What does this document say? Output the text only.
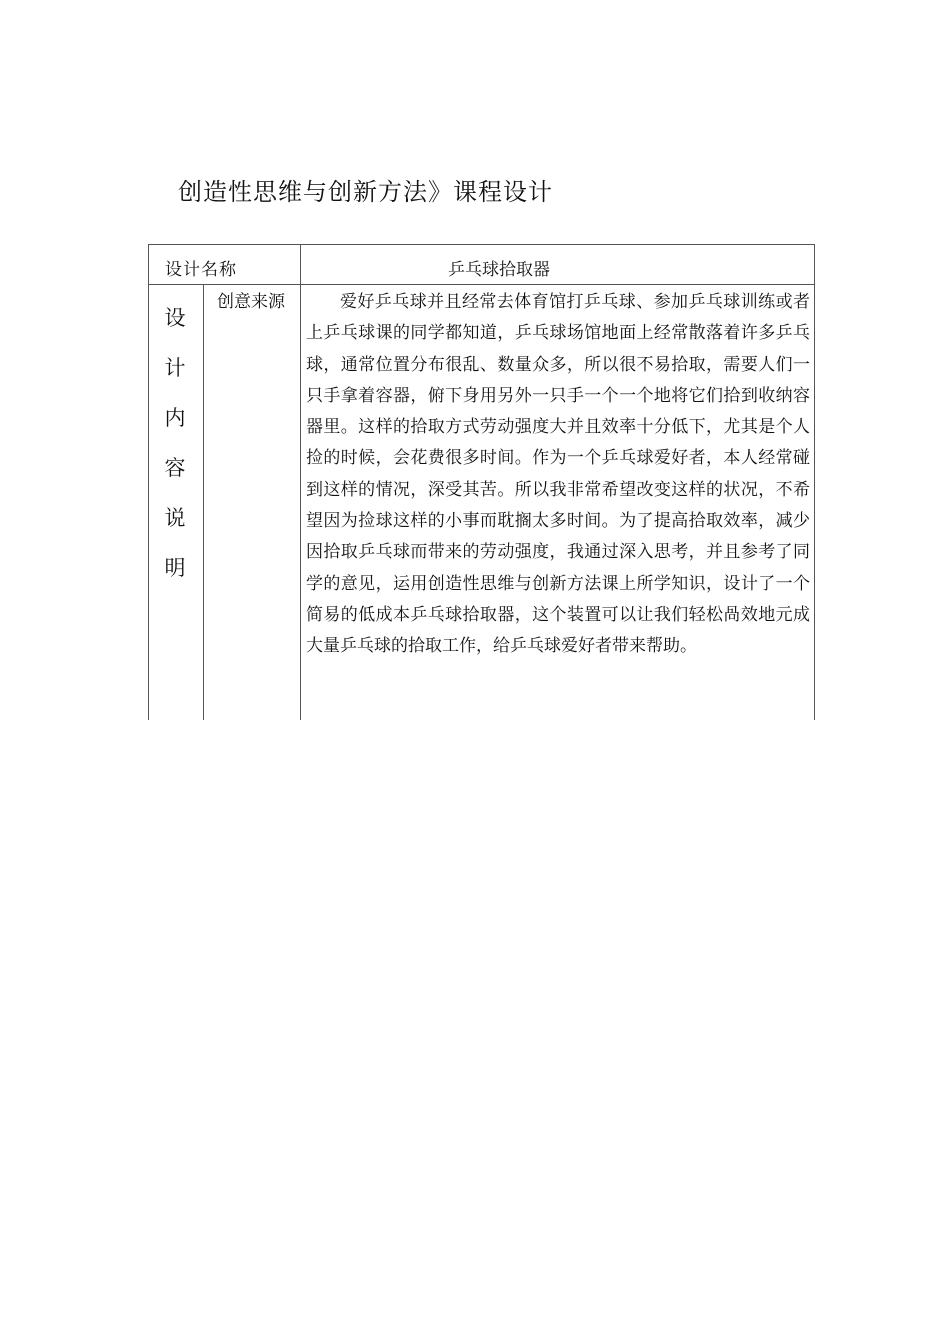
创造性思维与创新方法》课程设计
设计名称	乒乓球拾取器
设
计
内
容
说
明
创意来源	爱好乒乓球并且经常去体育馆打乒乓球、参加乒乓球训练或者上乒乓球课的同学都知道，乒乓球场馆地面上经常散落着许多乒乓球，通常位置分布很乱、数量众多，所以很不易拾取，需要人们一只手拿着容器，俯下身用另外一只手一个一个地将它们拾到收纳容器里。这样的拾取方式劳动强度大并且效率十分低下，尤其是个人捡的时候，会花费很多时间。作为一个乒乓球爱好者，本人经常碰到这样的情况，深受其苦。所以我非常希望改变这样的状况，不希望因为捡球这样的小事而耽搁太多时间。为了提高拾取效率，减少因拾取乒乓球而带来的劳动强度，我通过深入思考，并且参考了同学的意见，运用创造性思维与创新方法课上所学知识，设计了一个简易的低成本乒乓球拾取器，这个装置可以让我们轻松咼效地元成大量乒乓球的拾取工作，给乒乓球爱好者带来帮助。
